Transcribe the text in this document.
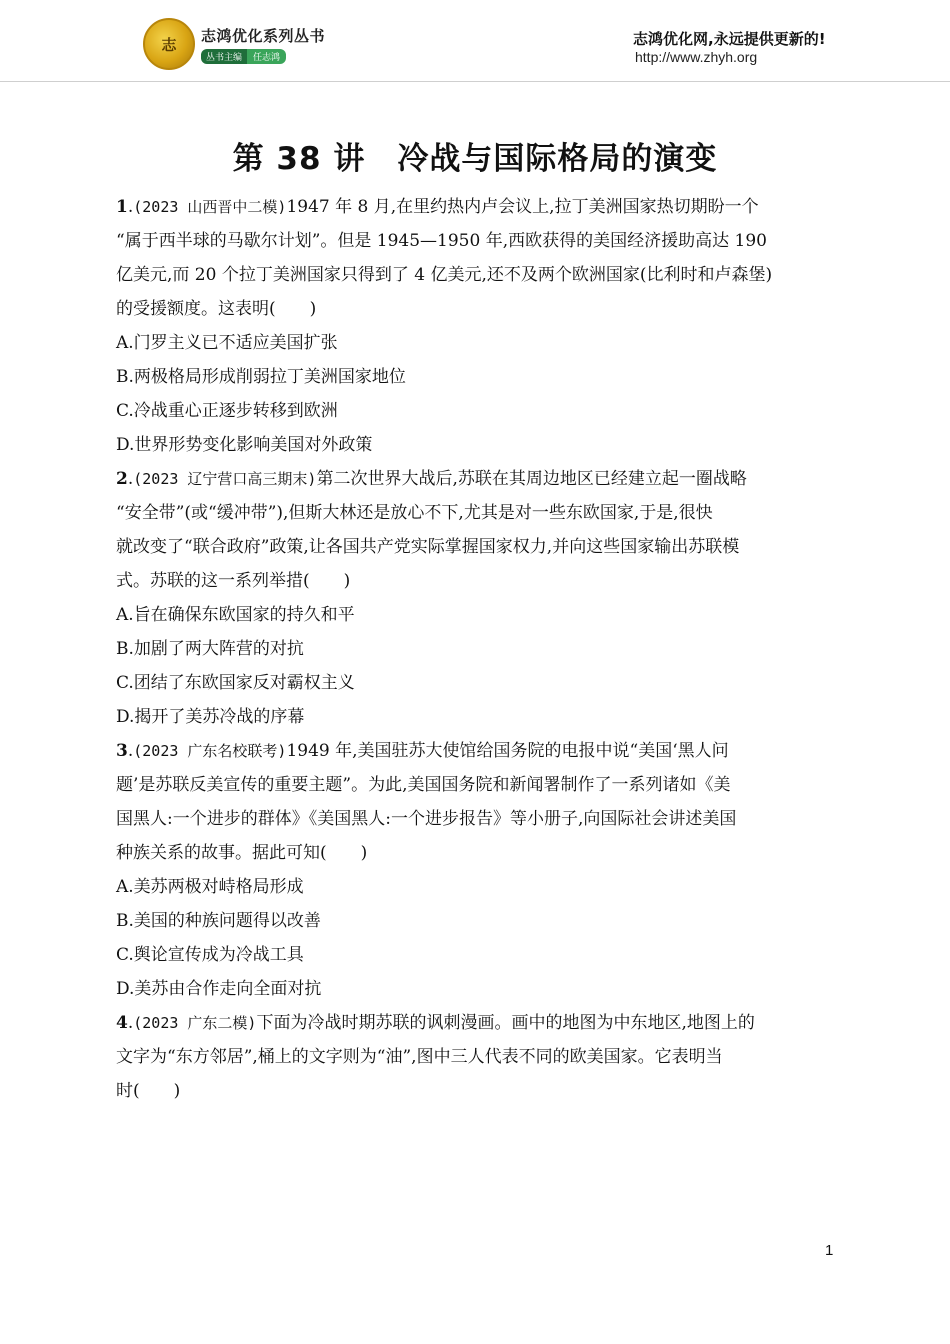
志	志鸿优化系列丛书
丛书主编	任志鸿
志鸿优化网,永远提供更新的!
http://www.zhyh.org
第 38 讲　冷战与国际格局的演变
1.(2023 山西晋中二模)1947 年 8 月,在里约热内卢会议上,拉丁美洲国家热切期盼一个
“属于西半球的马歇尔计划”。但是 1945—1950 年,西欧获得的美国经济援助高达 190
亿美元,而 20 个拉丁美洲国家只得到了 4 亿美元,还不及两个欧洲国家(比利时和卢森堡)
的受援额度。这表明(　　)
A.门罗主义已不适应美国扩张
B.两极格局形成削弱拉丁美洲国家地位
C.冷战重心正逐步转移到欧洲
D.世界形势变化影响美国对外政策
2.(2023 辽宁营口高三期末)第二次世界大战后,苏联在其周边地区已经建立起一圈战略
“安全带”(或“缓冲带”),但斯大林还是放心不下,尤其是对一些东欧国家,于是,很快
就改变了“联合政府”政策,让各国共产党实际掌握国家权力,并向这些国家输出苏联模
式。苏联的这一系列举措(　　)
A.旨在确保东欧国家的持久和平
B.加剧了两大阵营的对抗
C.团结了东欧国家反对霸权主义
D.揭开了美苏冷战的序幕
3.(2023 广东名校联考)1949 年,美国驻苏大使馆给国务院的电报中说“美国‘黑人问
题’是苏联反美宣传的重要主题”。为此,美国国务院和新闻署制作了一系列诸如《美
国黑人:一个进步的群体》《美国黑人:一个进步报告》等小册子,向国际社会讲述美国
种族关系的故事。据此可知(　　)
A.美苏两极对峙格局形成
B.美国的种族问题得以改善
C.舆论宣传成为冷战工具
D.美苏由合作走向全面对抗
4.(2023 广东二模)下面为冷战时期苏联的讽刺漫画。画中的地图为中东地区,地图上的
文字为“东方邻居”,桶上的文字则为“油”,图中三人代表不同的欧美国家。它表明当
时(　　)
1
